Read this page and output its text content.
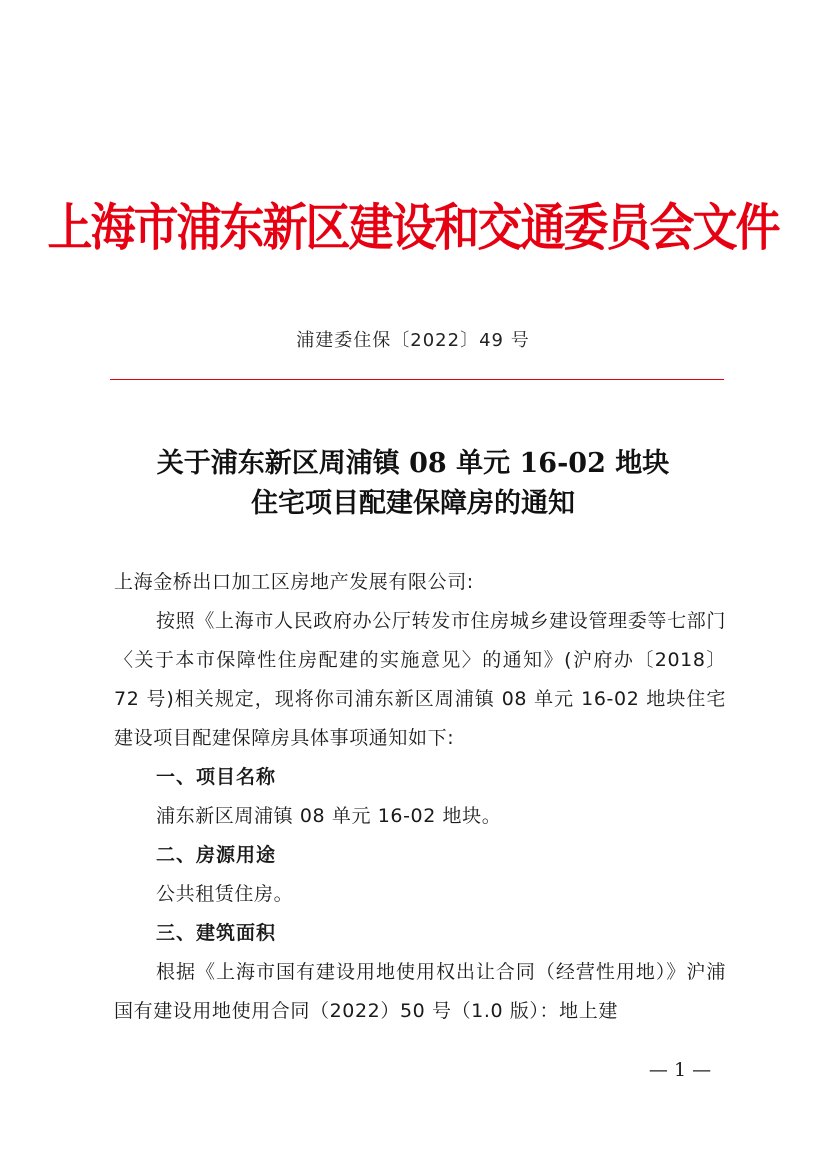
上海市浦东新区建设和交通委员会文件
浦建委住保〔2022〕49 号
关于浦东新区周浦镇 08 单元 16-02 地块
住宅项目配建保障房的通知

上海金桥出口加工区房地产发展有限公司:

按照《上海市人民政府办公厅转发市住房城乡建设管理委等七部门〈关于本市保障性住房配建的实施意见〉的通知》(沪府办〔2018〕72 号)相关规定，现将你司浦东新区周浦镇 08 单元 16-02 地块住宅建设项目配建保障房具体事项通知如下:

一、项目名称

浦东新区周浦镇 08 单元 16-02 地块。

二、房源用途

公共租赁住房。

三、建筑面积

根据《上海市国有建设用地使用权出让合同（经营性用地）》沪浦国有建设用地使用合同（2022）50 号（1.0 版）：地上建

— 1 —
